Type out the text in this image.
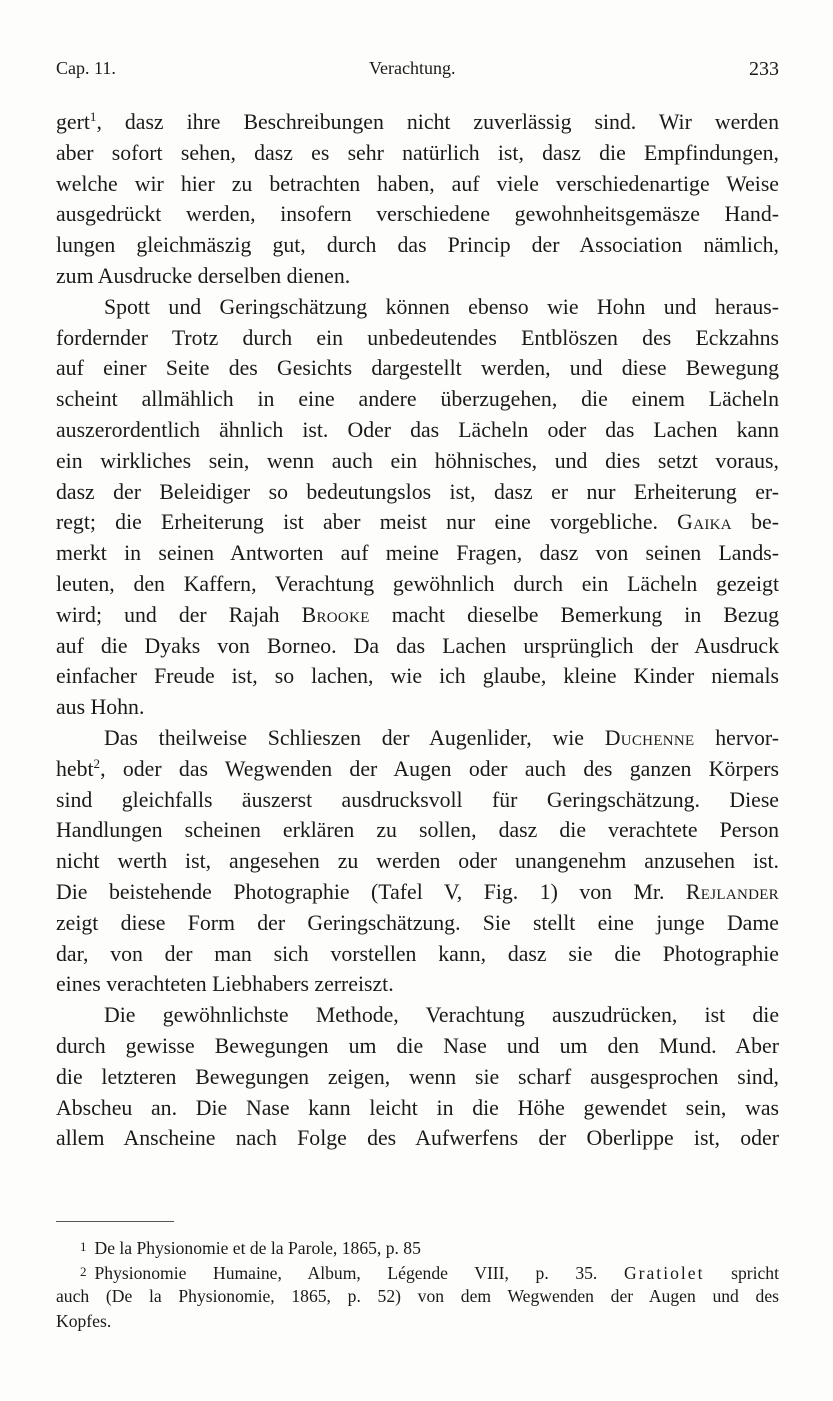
Cap. 11.	Verachtung.	233
gert$^1$, dasz ihre Beschreibungen nicht zuverlässig sind. Wir werden
aber sofort sehen, dasz es sehr natürlich ist, dasz die Empfindungen,
welche wir hier zu betrachten haben, auf viele verschiedenartige Weise
ausgedrückt werden, insofern verschiedene gewohnheitsgemäsze Hand-
lungen gleichmäszig gut, durch das Princip der Association nämlich,
zum Ausdrucke derselben dienen.
Spott und Geringschätzung können ebenso wie Hohn und heraus-
fordernder Trotz durch ein unbedeutendes Entblöszen des Eckzahns
auf einer Seite des Gesichts dargestellt werden, und diese Bewegung
scheint allmählich in eine andere überzugehen, die einem Lächeln
auszerordentlich ähnlich ist. Oder das Lächeln oder das Lachen kann
ein wirkliches sein, wenn auch ein höhnisches, und dies setzt voraus,
dasz der Beleidiger so bedeutungslos ist, dasz er nur Erheiterung er-
regt; die Erheiterung ist aber meist nur eine vorgebliche. Gaika be-
merkt in seinen Antworten auf meine Fragen, dasz von seinen Lands-
leuten, den Kaffern, Verachtung gewöhnlich durch ein Lächeln gezeigt
wird; und der Rajah Brooke macht dieselbe Bemerkung in Bezug
auf die Dyaks von Borneo. Da das Lachen ursprünglich der Ausdruck
einfacher Freude ist, so lachen, wie ich glaube, kleine Kinder niemals
aus Hohn.
Das theilweise Schlieszen der Augenlider, wie Duchenne hervor-
hebt$^2$, oder das Wegwenden der Augen oder auch des ganzen Körpers
sind gleichfalls äuszerst ausdrucksvoll für Geringschätzung. Diese
Handlungen scheinen erklären zu sollen, dasz die verachtete Person
nicht werth ist, angesehen zu werden oder unangenehm anzusehen ist.
Die beistehende Photographie (Tafel V, Fig. 1) von Mr. Rejlander
zeigt diese Form der Geringschätzung. Sie stellt eine junge Dame
dar, von der man sich vorstellen kann, dasz sie die Photographie
eines verachteten Liebhabers zerreiszt.
Die gewöhnlichste Methode, Verachtung auszudrücken, ist die
durch gewisse Bewegungen um die Nase und um den Mund. Aber
die letzteren Bewegungen zeigen, wenn sie scharf ausgesprochen sind,
Abscheu an. Die Nase kann leicht in die Höhe gewendet sein, was
allem Anscheine nach Folge des Aufwerfens der Oberlippe ist, oder
1 De la Physionomie et de la Parole, 1865, p. 85
2 Physionomie Humaine, Album, Légende VIII, p. 35. Gratiolet spricht
auch (De la Physionomie, 1865, p. 52) von dem Wegwenden der Augen und des
Kopfes.
